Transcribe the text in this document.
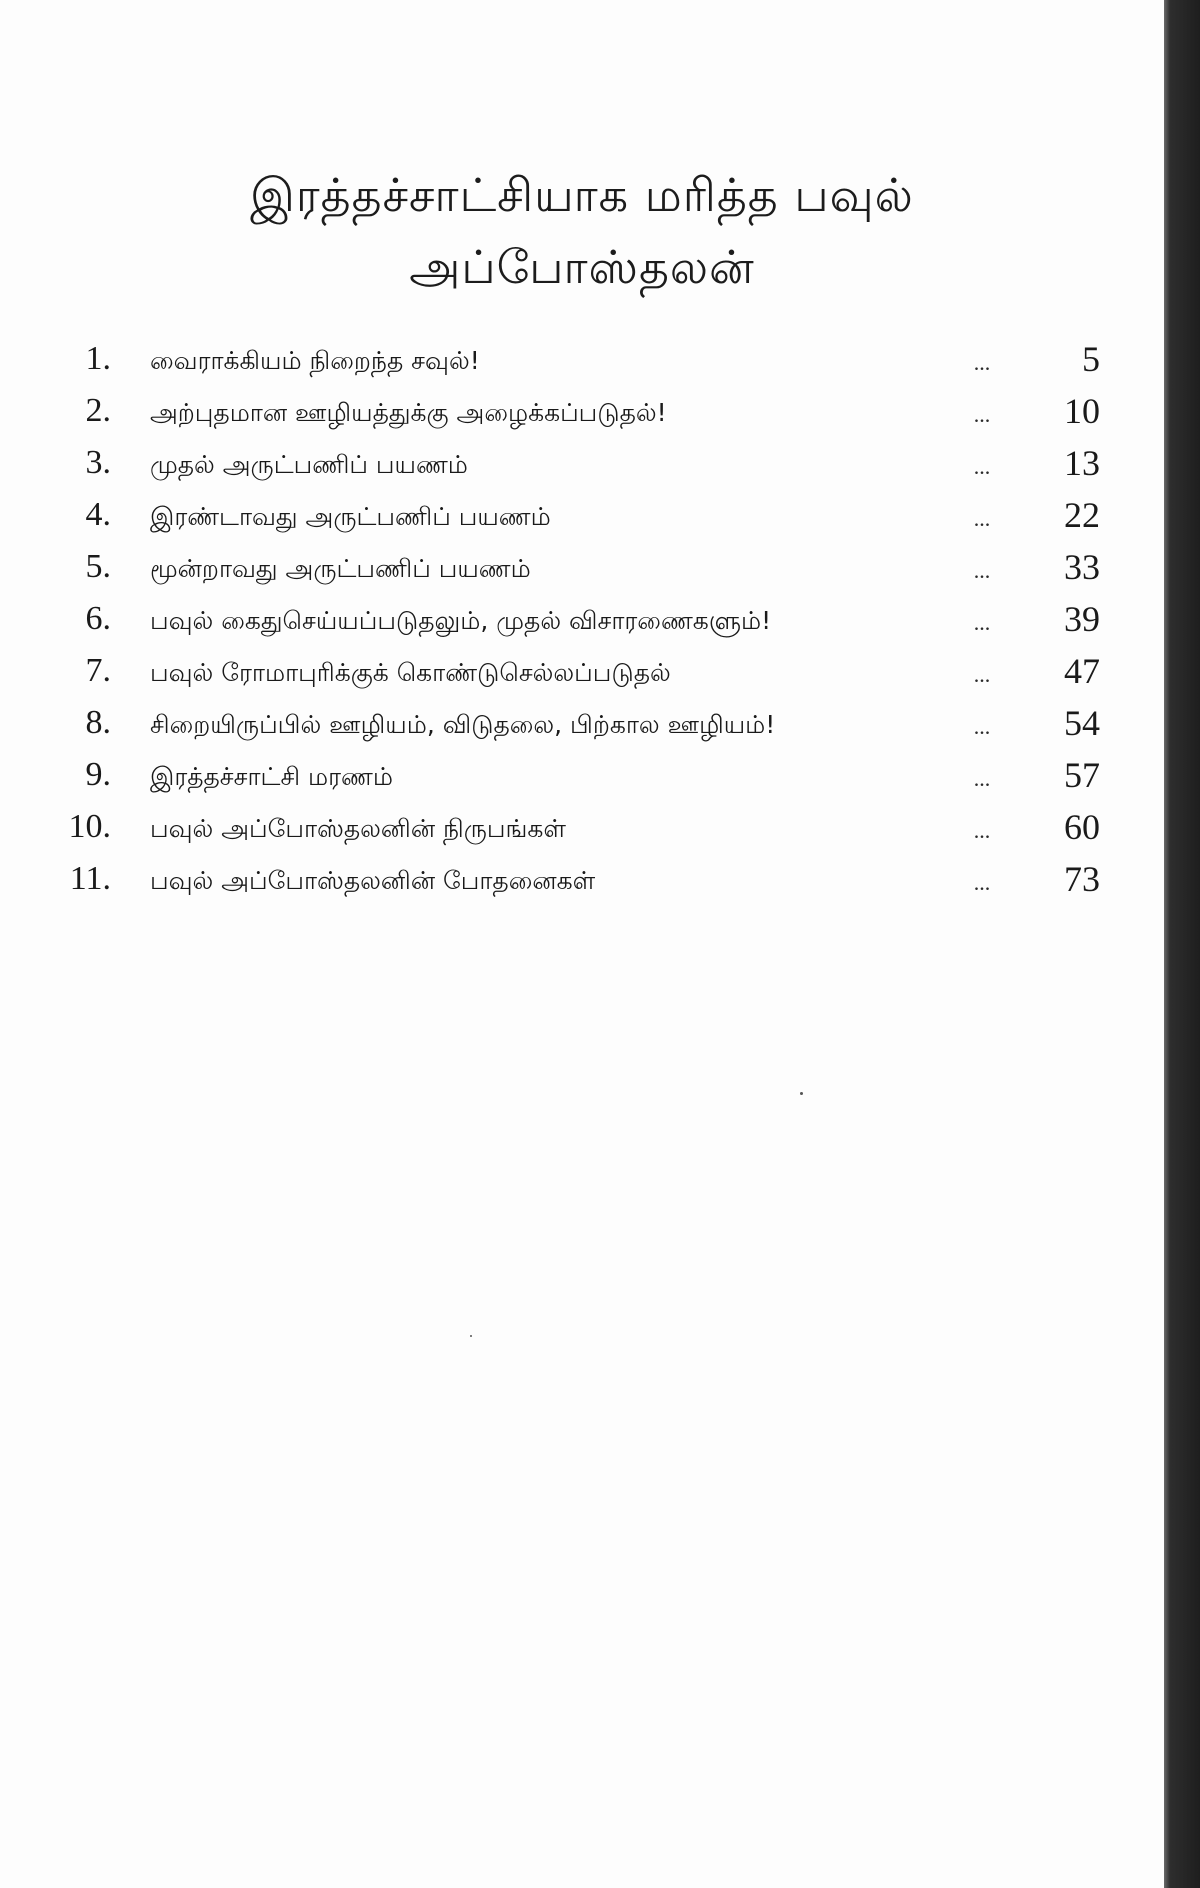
இரத்தச்சாட்சியாக மரித்த பவுல்
அப்போஸ்தலன்
1. வைராக்கியம் நிறைந்த சவுல்!	...	5
2. அற்புதமான ஊழியத்துக்கு அழைக்கப்படுதல்!	...	10
3. முதல் அருட்பணிப் பயணம்	...	13
4. இரண்டாவது அருட்பணிப் பயணம்	...	22
5. மூன்றாவது அருட்பணிப் பயணம்	...	33
6. பவுல் கைதுசெய்யப்படுதலும், முதல் விசாரணைகளும்!	...	39
7. பவுல் ரோமாபுரிக்குக் கொண்டுசெல்லப்படுதல்	...	47
8. சிறையிருப்பில் ஊழியம், விடுதலை, பிற்கால ஊழியம்!	...	54
9. இரத்தச்சாட்சி மரணம்	...	57
10. பவுல் அப்போஸ்தலனின் நிருபங்கள்	...	60
11. பவுல் அப்போஸ்தலனின் போதனைகள்	...	73
